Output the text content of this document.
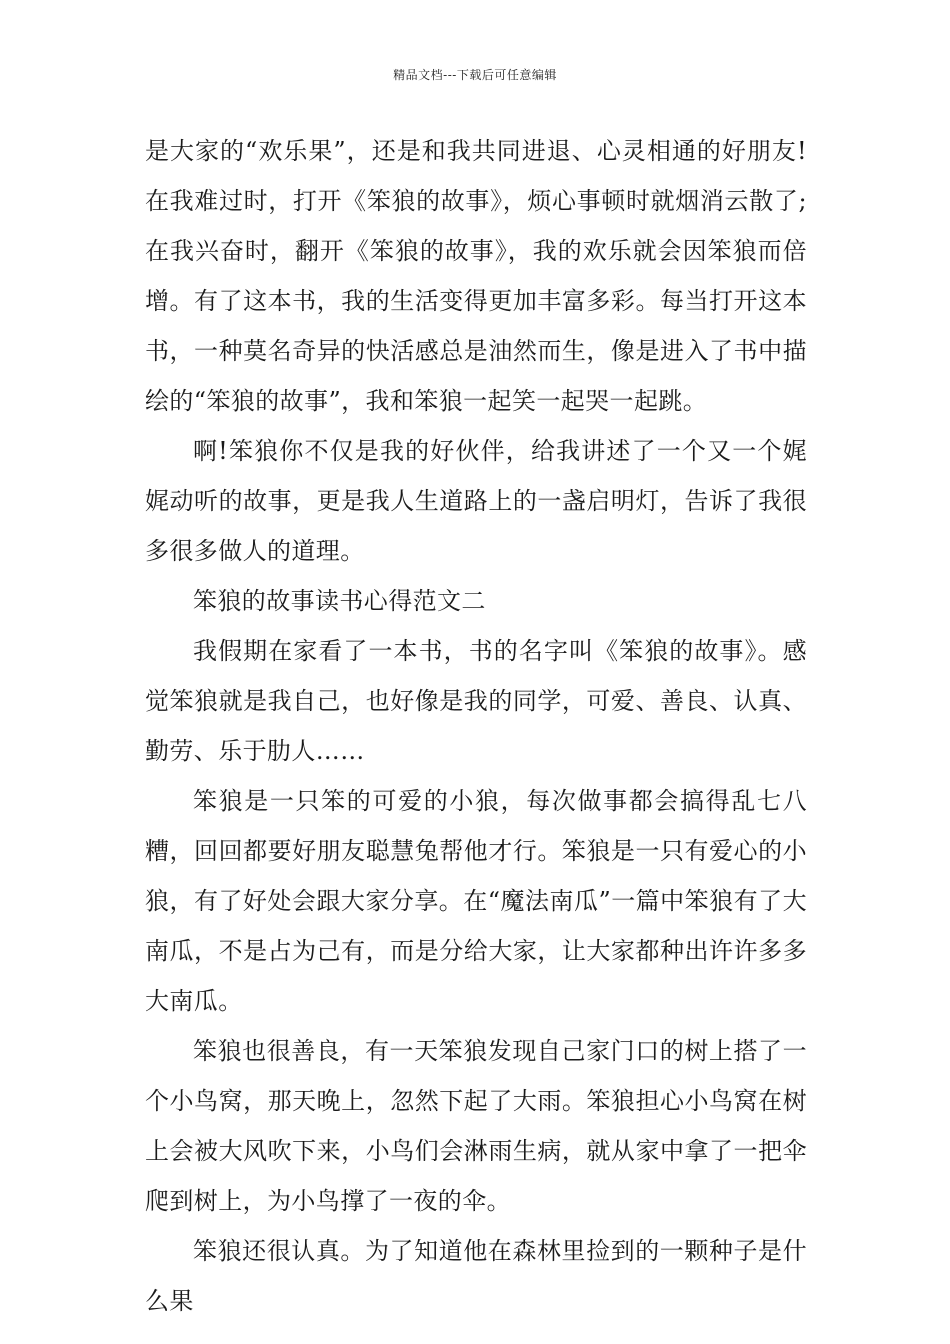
精品文档---下载后可任意编辑

是大家的“欢乐果”，还是和我共同进退、心灵相通的好朋友!在我难过时，打开《笨狼的故事》，烦心事顿时就烟消云散了;在我兴奋时，翻开《笨狼的故事》，我的欢乐就会因笨狼而倍增。有了这本书，我的生活变得更加丰富多彩。每当打开这本书，一种莫名奇异的快活感总是油然而生，像是进入了书中描绘的“笨狼的故事”，我和笨狼一起笑一起哭一起跳。

啊!笨狼你不仅是我的好伙伴，给我讲述了一个又一个娓娓动听的故事，更是我人生道路上的一盏启明灯，告诉了我很多很多做人的道理。

笨狼的故事读书心得范文二

我假期在家看了一本书，书的名字叫《笨狼的故事》。感觉笨狼就是我自己，也好像是我的同学，可爱、善良、认真、勤劳、乐于肋人……

笨狼是一只笨的可爱的小狼，每次做事都会搞得乱七八糟，回回都要好朋友聪慧兔帮他才行。笨狼是一只有爱心的小狼，有了好处会跟大家分享。在“魔法南瓜”一篇中笨狼有了大南瓜，不是占为己有，而是分给大家，让大家都种出许许多多大南瓜。

笨狼也很善良，有一天笨狼发现自己家门口的树上搭了一个小鸟窝，那天晚上，忽然下起了大雨。笨狼担心小鸟窝在树上会被大风吹下来，小鸟们会淋雨生病，就从家中拿了一把伞爬到树上，为小鸟撑了一夜的伞。

笨狼还很认真。为了知道他在森林里捡到的一颗种子是什么果
